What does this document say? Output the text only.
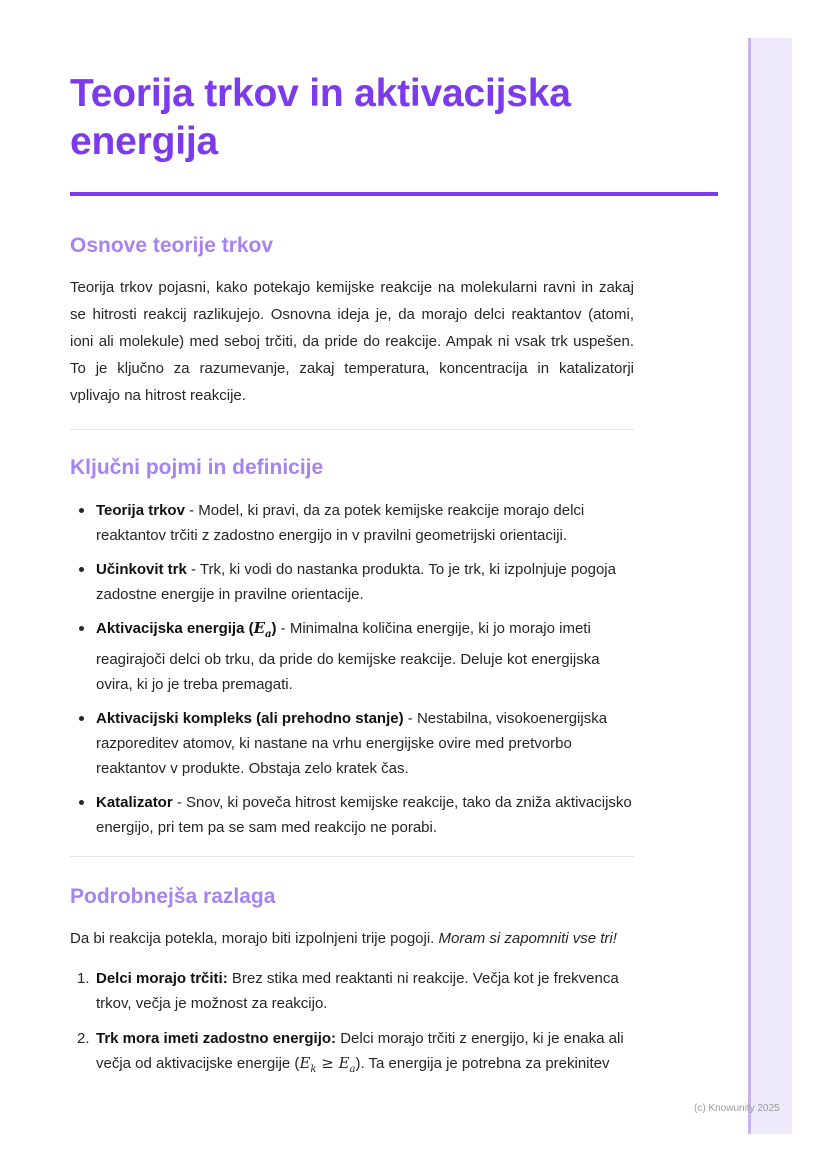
Teorija trkov in aktivacijska energija
Osnove teorije trkov

Teorija trkov pojasni, kako potekajo kemijske reakcije na molekularni ravni in zakaj se hitrosti reakcij razlikujejo. Osnovna ideja je, da morajo delci reaktantov (atomi, ioni ali molekule) med seboj trčiti, da pride do reakcije. Ampak ni vsak trk uspešen. To je ključno za razumevanje, zakaj temperatura, koncentracija in katalizatorji vplivajo na hitrost reakcije.

Ključni pojmi in definicije
Teorija trkov - Model, ki pravi, da za potek kemijske reakcije morajo delci reaktantov trčiti z zadostno energijo in v pravilni geometrijski orientaciji.
Učinkovit trk - Trk, ki vodi do nastanka produkta. To je trk, ki izpolnjuje pogoja zadostne energije in pravilne orientacije.
Aktivacijska energija $(E_a)$ - Minimalna količina energije, ki jo morajo imeti reagirajoči delci ob trku, da pride do kemijske reakcije. Deluje kot energijska ovira, ki jo je treba premagati.
Aktivacijski kompleks (ali prehodno stanje) - Nestabilna, visokoenergijska razporeditev atomov, ki nastane na vrhu energijske ovire med pretvorbo reaktantov v produkte. Obstaja zelo kratek čas.
Katalizator - Snov, ki poveča hitrost kemijske reakcije, tako da zniža aktivacijsko energijo, pri tem pa se sam med reakcijo ne porabi.
Podrobnejša razlaga

Da bi reakcija potekla, morajo biti izpolnjeni trije pogoji. Moram si zapomniti vse tri!

1. Delci morajo trčiti: Brez stika med reaktanti ni reakcije. Večja kot je frekvenca trkov, večja je možnost za reakcijo.
2. Trk mora imeti zadostno energijo: Delci morajo trčiti z energijo, ki je enaka ali večja od aktivacijske energije $(E_k \ge E_a)$. Ta energija je potrebna za prekinitev
(c) Knowunity 2025
